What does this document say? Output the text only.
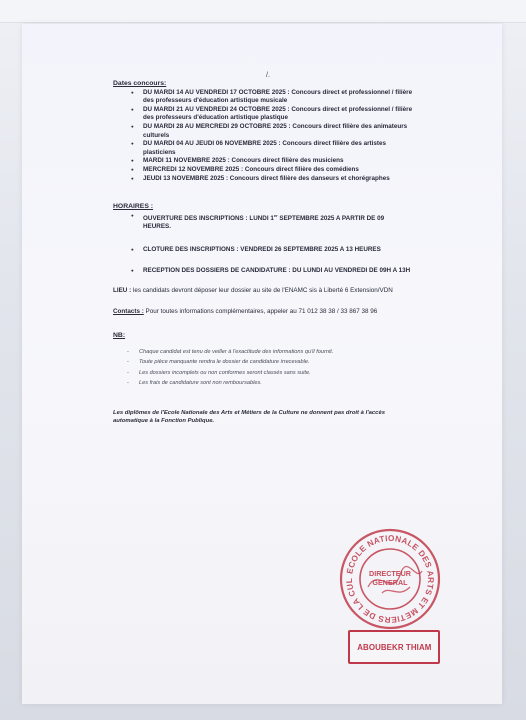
/.

Dates concours:

● DU MARDI 14 AU VENDREDI 17 OCTOBRE 2025 : Concours direct et professionnel / filière des professeurs d'éducation artistique musicale
● DU MARDI 21 AU VENDREDI 24 OCTOBRE 2025 : Concours direct et professionnel / filière des professeurs d'éducation artistique plastique
● DU MARDI 28 AU MERCREDI 29 OCTOBRE 2025 : Concours direct filière des animateurs culturels
● DU MARDI 04 AU JEUDI 06 NOVEMBRE 2025 : Concours direct filière des artistes plasticiens
● MARDI 11 NOVEMBRE 2025 : Concours direct filière des musiciens
● MERCREDI 12 NOVEMBRE 2025 : Concours direct filière des comédiens
● JEUDI 13 NOVEMBRE 2025 : Concours direct filière des danseurs et chorégraphes

HORAIRES :

● OUVERTURE DES INSCRIPTIONS : LUNDI 1er SEPTEMBRE 2025 A PARTIR DE 09 HEURES.
● CLOTURE DES INSCRIPTIONS : VENDREDI 26 SEPTEMBRE 2025 A 13 HEURES
● RECEPTION DES DOSSIERS DE CANDIDATURE : DU LUNDI AU VENDREDI DE 09H A 13H
LIEU : les candidats devront déposer leur dossier au site de l'ENAMC sis à Liberté 6 Extension/VDN
Contacts : Pour toutes informations complémentaires, appeler au 71 012 38 38 / 33 867 38 96

NB:

- Chaque candidat est tenu de veiller à l'exactitude des informations qu'il fournit.
- Toute pièce manquante rendra le dossier de candidature irrecevable.
- Les dossiers incomplets ou non conformes seront classés sans suite.
- Les frais de candidature sont non remboursables.
Les diplômes de l'Ecole Nationale des Arts et Métiers de la Culture ne donnent pas droit à l'accès automatique à la Fonction Publique.
ECOLE NATIONALE DES ARTS ET METIERS DE LA CUL
DIRECTEUR
GENERAL
ABOUBEKR THIAM
